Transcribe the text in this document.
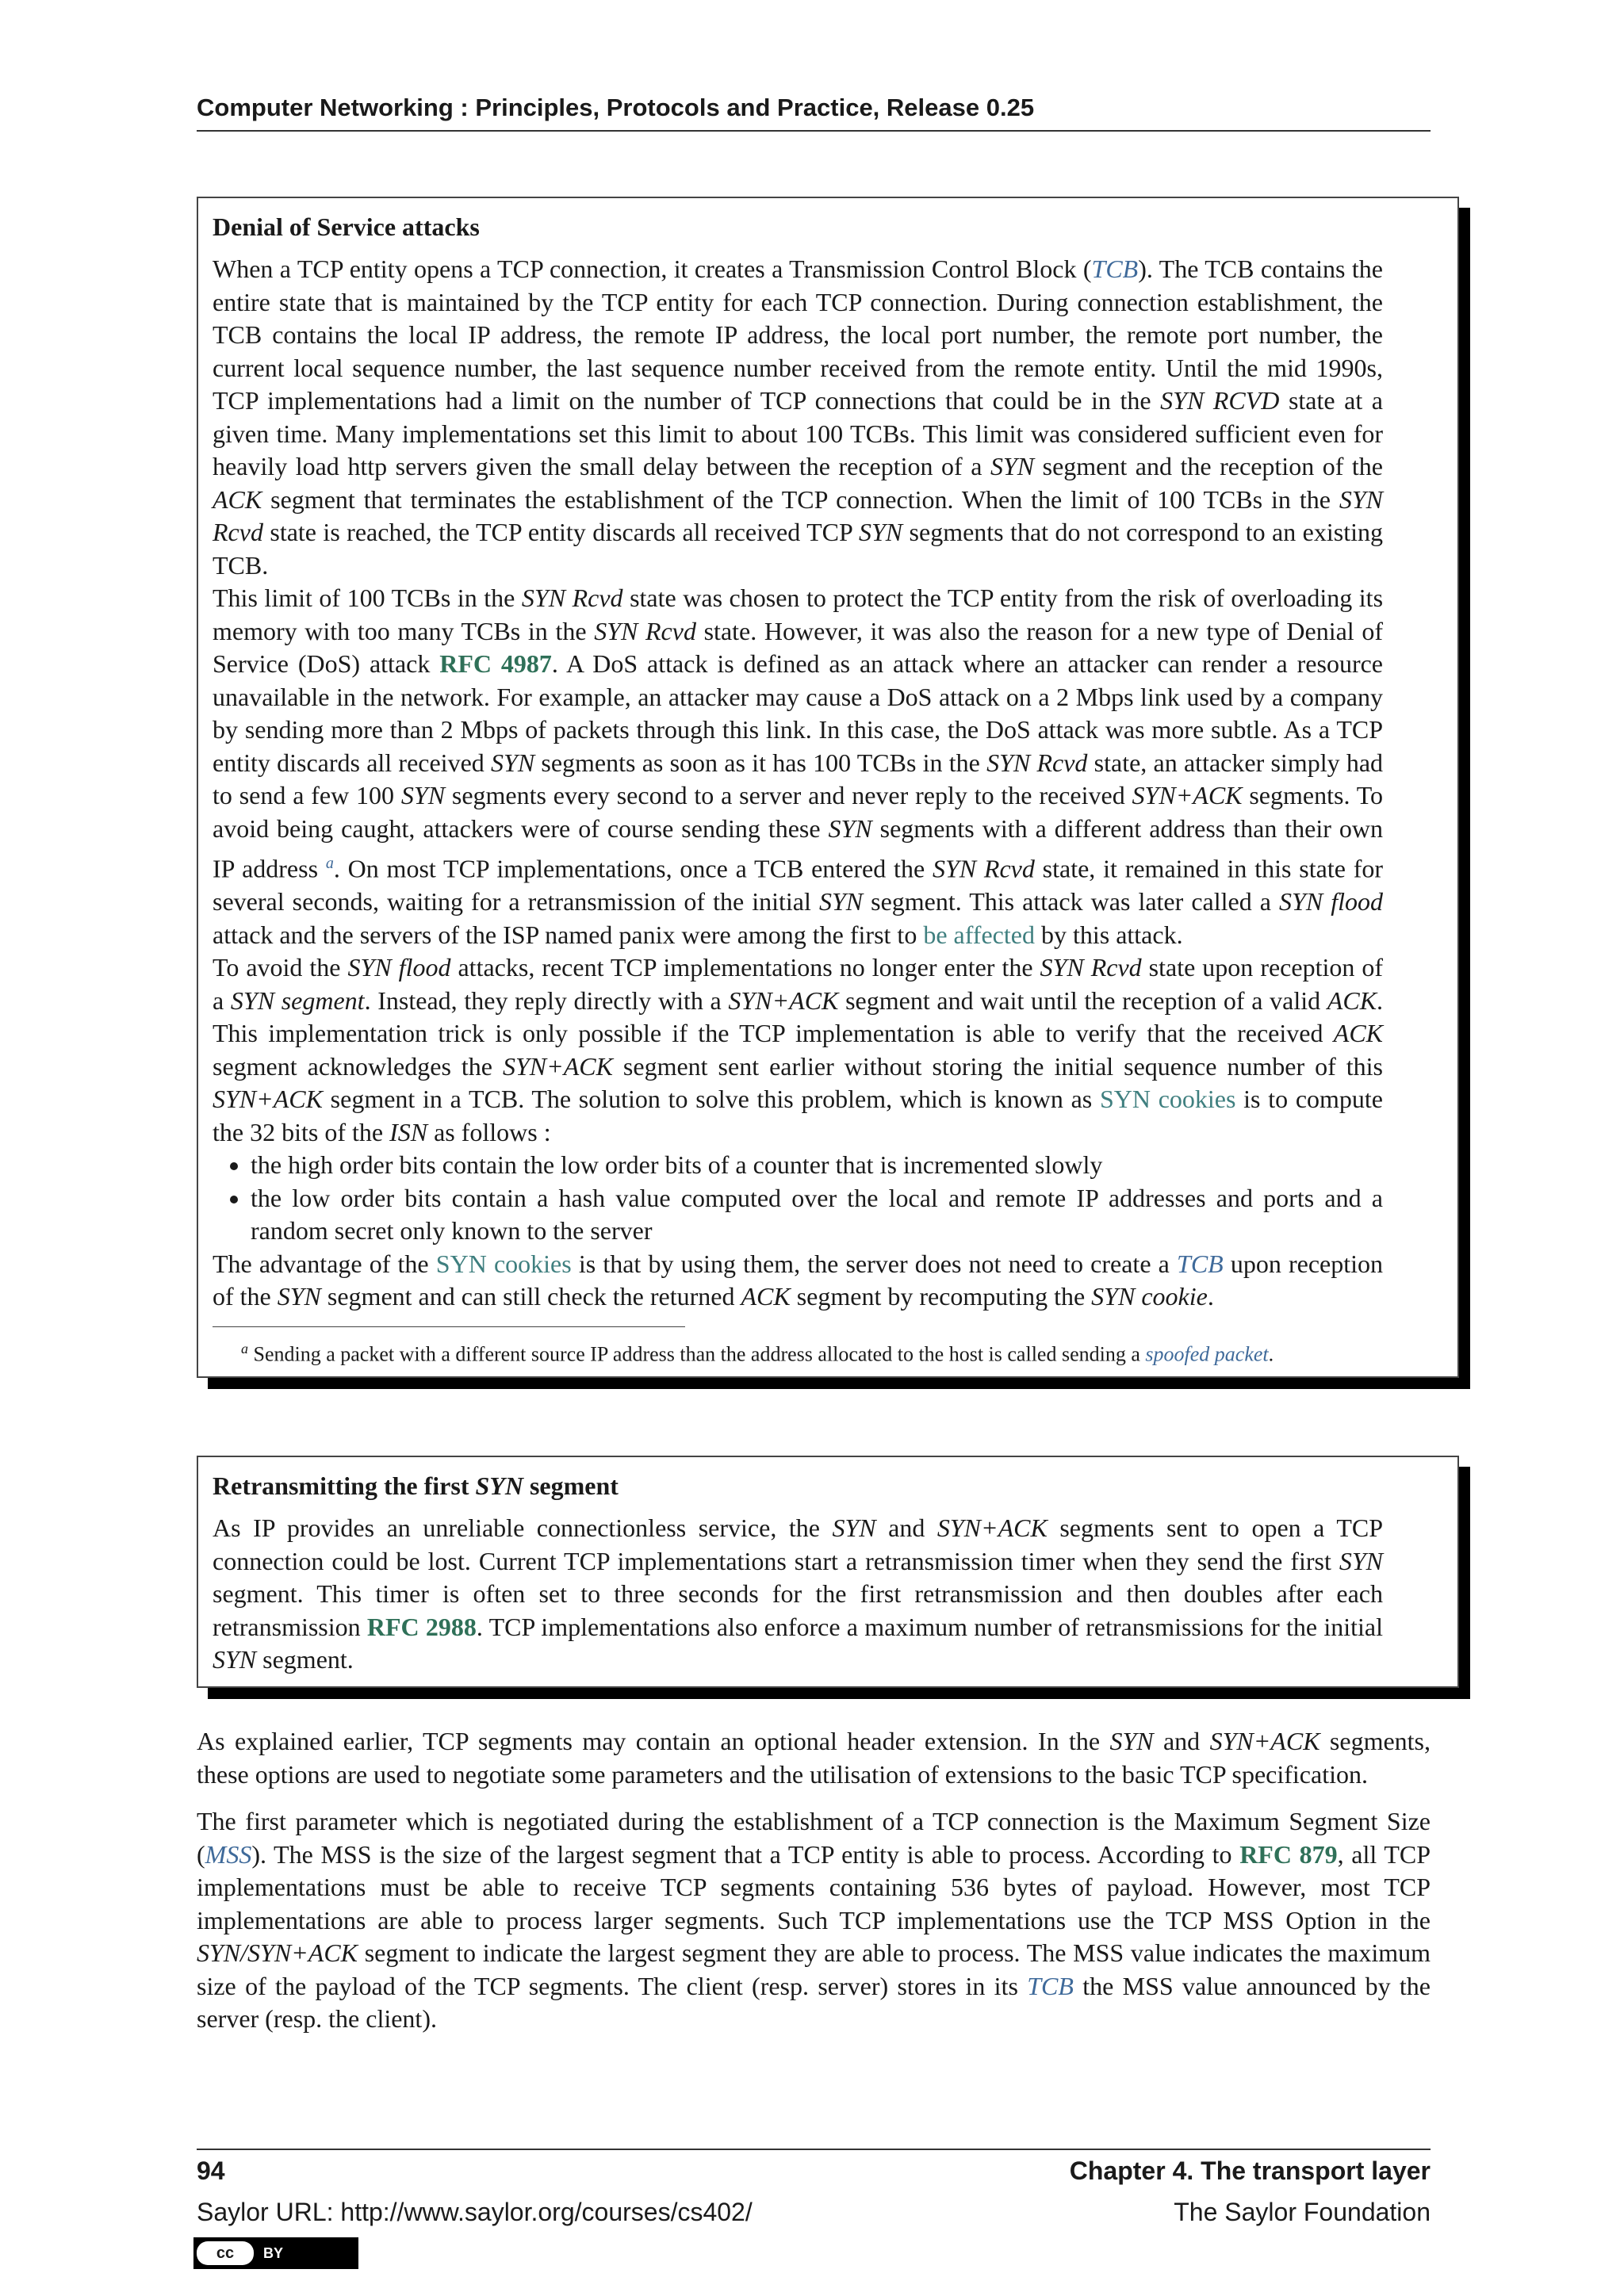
Computer Networking : Principles, Protocols and Practice, Release 0.25
Denial of Service attacks

When a TCP entity opens a TCP connection, it creates a Transmission Control Block (TCB). The TCB contains the entire state that is maintained by the TCP entity for each TCP connection. During connection establishment, the TCB contains the local IP address, the remote IP address, the local port number, the remote port number, the current local sequence number, the last sequence number received from the remote entity. Until the mid 1990s, TCP implementations had a limit on the number of TCP connections that could be in the SYN RCVD state at a given time. Many implementations set this limit to about 100 TCBs. This limit was considered sufficient even for heavily load http servers given the small delay between the reception of a SYN segment and the reception of the ACK segment that terminates the establishment of the TCP connection. When the limit of 100 TCBs in the SYN Rcvd state is reached, the TCP entity discards all received TCP SYN segments that do not correspond to an existing TCB.

This limit of 100 TCBs in the SYN Rcvd state was chosen to protect the TCP entity from the risk of overloading its memory with too many TCBs in the SYN Rcvd state. However, it was also the reason for a new type of Denial of Service (DoS) attack RFC 4987. A DoS attack is defined as an attack where an attacker can render a resource unavailable in the network. For example, an attacker may cause a DoS attack on a 2 Mbps link used by a company by sending more than 2 Mbps of packets through this link. In this case, the DoS attack was more subtle. As a TCP entity discards all received SYN segments as soon as it has 100 TCBs in the SYN Rcvd state, an attacker simply had to send a few 100 SYN segments every second to a server and never reply to the received SYN+ACK segments. To avoid being caught, attackers were of course sending these SYN segments with a different address than their own IP address $^a$. On most TCP implementations, once a TCB entered the SYN Rcvd state, it remained in this state for several seconds, waiting for a retransmission of the initial SYN segment. This attack was later called a SYN flood attack and the servers of the ISP named panix were among the first to be affected by this attack.

To avoid the SYN flood attacks, recent TCP implementations no longer enter the SYN Rcvd state upon reception of a SYN segment. Instead, they reply directly with a SYN+ACK segment and wait until the reception of a valid ACK. This implementation trick is only possible if the TCP implementation is able to verify that the received ACK segment acknowledges the SYN+ACK segment sent earlier without storing the initial sequence number of this SYN+ACK segment in a TCB. The solution to solve this problem, which is known as SYN cookies is to compute the 32 bits of the ISN as follows :

• the high order bits contain the low order bits of a counter that is incremented slowly
• the low order bits contain a hash value computed over the local and remote IP addresses and ports and a random secret only known to the server

The advantage of the SYN cookies is that by using them, the server does not need to create a TCB upon reception of the SYN segment and can still check the returned ACK segment by recomputing the SYN cookie.

$^a$ Sending a packet with a different source IP address than the address allocated to the host is called sending a spoofed packet.
Retransmitting the first SYN segment

As IP provides an unreliable connectionless service, the SYN and SYN+ACK segments sent to open a TCP connection could be lost. Current TCP implementations start a retransmission timer when they send the first SYN segment. This timer is often set to three seconds for the first retransmission and then doubles after each retransmission RFC 2988. TCP implementations also enforce a maximum number of retransmissions for the initial SYN segment.

As explained earlier, TCP segments may contain an optional header extension. In the SYN and SYN+ACK segments, these options are used to negotiate some parameters and the utilisation of extensions to the basic TCP specification.

The first parameter which is negotiated during the establishment of a TCP connection is the Maximum Segment Size (MSS). The MSS is the size of the largest segment that a TCP entity is able to process. According to RFC 879, all TCP implementations must be able to receive TCP segments containing 536 bytes of payload. However, most TCP implementations are able to process larger segments. Such TCP implementations use the TCP MSS Option in the SYN/SYN+ACK segment to indicate the largest segment they are able to process. The MSS value indicates the maximum size of the payload of the TCP segments. The client (resp. server) stores in its TCB the MSS value announced by the server (resp. the client).

94	Chapter 4. The transport layer
Saylor URL: http://www.saylor.org/courses/cs402/	The Saylor Foundation
cc	BY
